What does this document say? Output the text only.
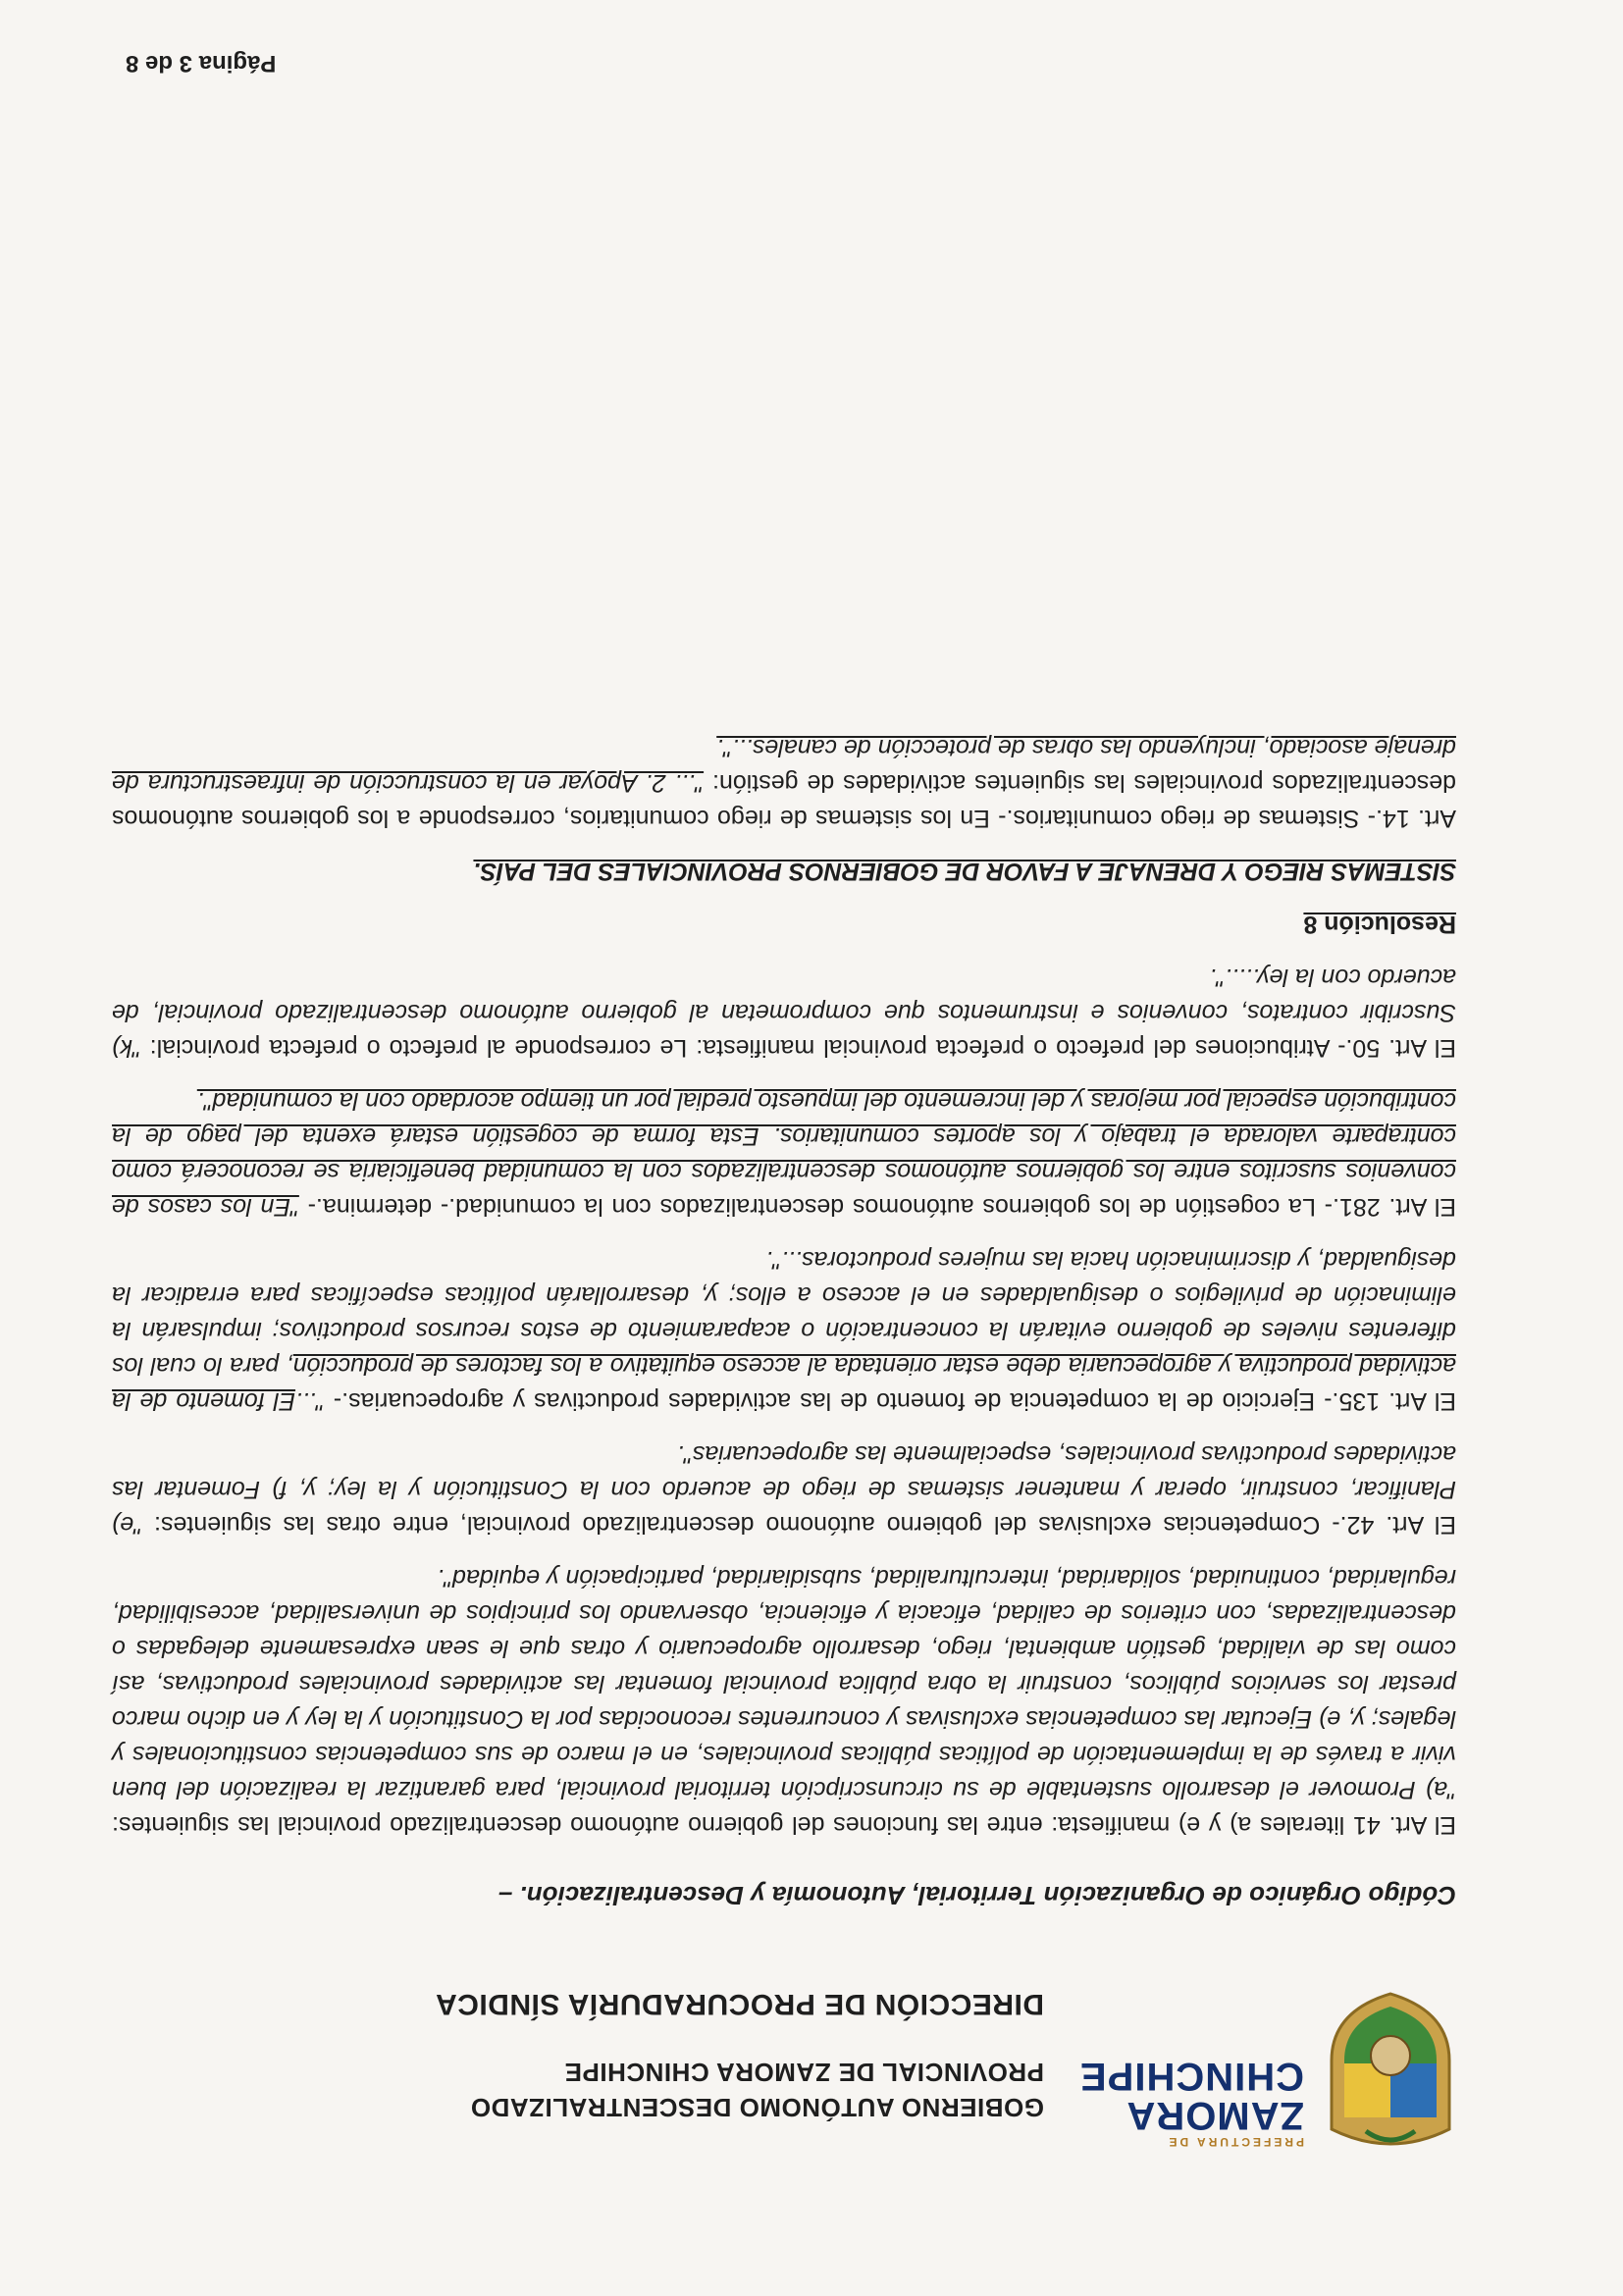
PREFECTURA DE
ZAMORA
CHINCHIPE
GOBIERNO AUTÓNOMO DESCENTRALIZADO
PROVINCIAL DE ZAMORA CHINCHIPE
DIRECCIÓN DE PROCURADURÍA SÍNDICA

Código Orgánico de Organización Territorial, Autonomía y Descentralización. –

El Art. 41 literales a) y e) manifiesta: entre las funciones del gobierno autónomo descentralizado provincial las siguientes: "a) Promover el desarrollo sustentable de su circunscripción territorial provincial, para garantizar la realización del buen vivir a través de la implementación de políticas públicas provinciales, en el marco de sus competencias constitucionales y legales; y, e) Ejecutar las competencias exclusivas y concurrentes reconocidas por la Constitución y la ley y en dicho marco prestar los servicios públicos, construir la obra pública provincial fomentar las actividades provinciales productivas, así como las de vialidad, gestión ambiental, riego, desarrollo agropecuario y otras que le sean expresamente delegadas o descentralizadas, con criterios de calidad, eficacia y eficiencia, observando los principios de universalidad, accesibilidad, regularidad, continuidad, solidaridad, interculturalidad, subsidiaridad, participación y equidad".

El Art. 42.- Competencias exclusivas del gobierno autónomo descentralizado provincial, entre otras las siguientes: "e) Planificar, construir, operar y mantener sistemas de riego de acuerdo con la Constitución y la ley; y, f) Fomentar las actividades productivas provinciales, especialmente las agropecuarias".

El Art. 135.- Ejercicio de la competencia de fomento de las actividades productivas y agropecuarias.- "...El fomento de la actividad productiva y agropecuaria debe estar orientada al acceso equitativo a los factores de producción, para lo cual los diferentes niveles de gobierno evitarán la concentración o acaparamiento de estos recursos productivos; impulsarán la eliminación de privilegios o desigualdades en el acceso a ellos; y, desarrollarán políticas específicas para erradicar la desigualdad, y discriminación hacia las mujeres productoras...".

El Art. 281.- La cogestión de los gobiernos autónomos descentralizados con la comunidad.- determina.- "En los casos de convenios suscritos entre los gobiernos autónomos descentralizados con la comunidad beneficiaria se reconocerá como contraparte valorada el trabajo y los aportes comunitarios. Esta forma de cogestión estará exenta del pago de la contribución especial por mejoras y del incremento del impuesto predial por un tiempo acordado con la comunidad".

El Art. 50.- Atribuciones del prefecto o prefecta provincial manifiesta: Le corresponde al prefecto o prefecta provincial: "k) Suscribir contratos, convenios e instrumentos que comprometan al gobierno autónomo descentralizado provincial, de acuerdo con la ley.....".

Resolución 8

SISTEMAS RIEGO Y DRENAJE A FAVOR DE GOBIERNOS PROVINCIALES DEL PAÍS.

Art. 14.- Sistemas de riego comunitarios.- En los sistemas de riego comunitarios, corresponde a los gobiernos autónomos descentralizados provinciales las siguientes actividades de gestión: "... 2. Apoyar en la construcción de infraestructura de drenaje asociado, incluyendo las obras de protección de canales...".

Página 3 de 8
